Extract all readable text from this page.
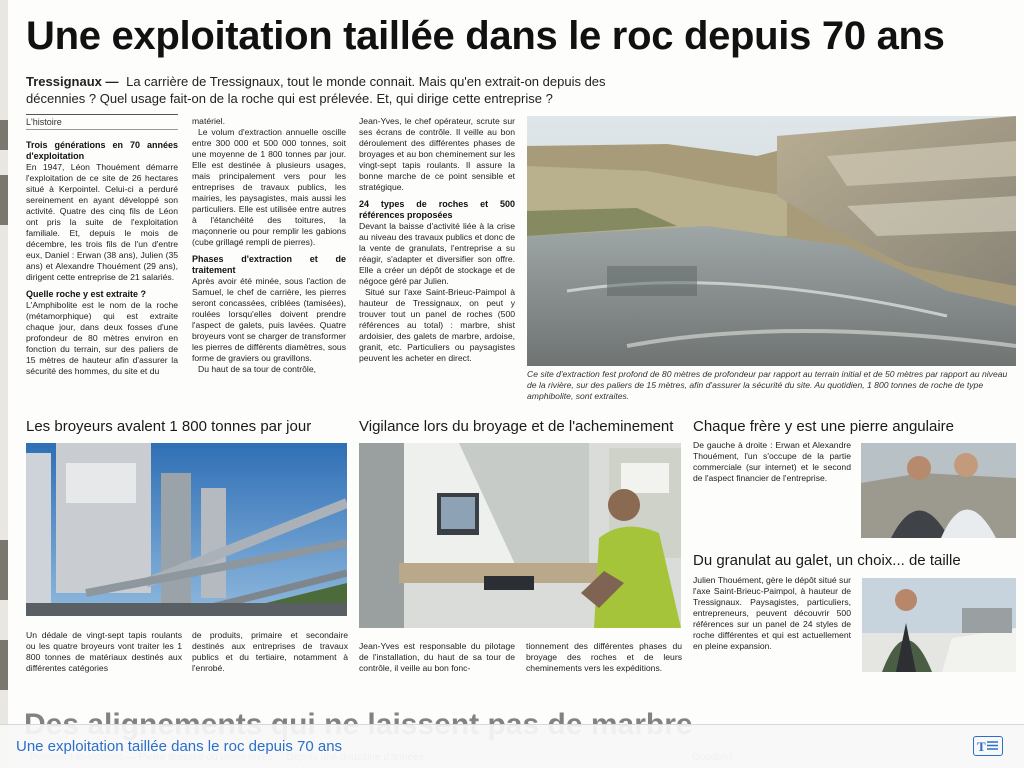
Une exploitation taillée dans le roc depuis 70 ans
Tressignaux — La carrière de Tressignaux, tout le monde connait. Mais qu'en extrait-on depuis des décennies ? Quel usage fait-on de la roche qui est prélevée. Et, qui dirige cette entreprise ?
L'histoire
Trois générations en 70 années d'exploitation

En 1947, Léon Thouément démarre l'exploitation de ce site de 26 hectares situé à Kerpointel. Celui-ci a perduré sereinement en ayant développé son activité. Quatre des cinq fils de Léon ont pris la suite de l'exploitation familiale. Et, depuis le mois de décembre, les trois fils de l'un d'entre eux, Daniel : Erwan (38 ans), Julien (35 ans) et Alexandre Thouément (29 ans), dirigent cette entreprise de 21 salariés.

Quelle roche y est extraite ?

L'Amphibolite est le nom de la roche (métamorphique) qui est extraite chaque jour, dans deux fosses d'une profondeur de 80 mètres environ en fonction du terrain, sur des paliers de 15 mètres de hauteur afin d'assurer la sécurité des hommes, du site et du

matériel.

Le volum d'extraction annuelle oscille entre 300 000 et 500 000 tonnes, soit une moyenne de 1 800 tonnes par jour. Elle est destinée à plusieurs usages, mais principalement vers pour les entreprises de travaux publics, les mairies, les paysagistes, mais aussi les particuliers. Elle est utilisée entre autres à l'étanchéité des toitures, la maçonnerie ou pour remplir les gabions (cube grillagé rempli de pierres).

Phases d'extraction et de traitement

Après avoir été minée, sous l'action de Samuel, le chef de carrière, les pierres seront concassées, criblées (tamisées), roulées lorsqu'elles doivent prendre l'aspect de galets, puis lavées. Quatre broyeurs vont se charger de transformer les pierres de différents diamètres, sous forme de graviers ou gravillons.

Du haut de sa tour de contrôle,

Jean-Yves, le chef opérateur, scrute sur ses écrans de contrôle. Il veille au bon déroulement des différentes phases de broyages et au bon cheminement sur les vingt-sept tapis roulants. Il assure la bonne marche de ce point sensible et stratégique.

24 types de roches et 500 références proposées

Devant la baisse d'activité liée à la crise au niveau des travaux publics et donc de la vente de granulats, l'entreprise a su réagir, s'adapter et diversifier son offre. Elle a créer un dépôt de stockage et de négoce géré par Julien.

Situé sur l'axe Saint-Brieuc-Paimpol à hauteur de Tressignaux, on peut y trouver tout un panel de roches (500 références au total) : marbre, shist ardoisier, des galets de marbre, ardoise, granit, etc. Particuliers ou paysagistes peuvent les acheter en direct.

Ce site d'extraction fest profond de 80 mètres de profondeur par rapport au terrain initial et de 50 mètres par rapport au niveau de la rivière, sur des paliers de 15 mètres, afin d'assurer la sécurité du site. Au quotidien, 1 800 tonnes de roche de type amphibolite, sont extraites.
Les broyeurs avalent 1 800 tonnes par jour

Un dédale de vingt-sept tapis roulants ou les quatre broyeurs vont traiter les 1 800 tonnes de matériaux destinés aux différentes catégories

de produits, primaire et secondaire destinés aux entreprises de travaux publics et du tertiaire, notamment à l'enrobé.

Vigilance lors du broyage et de l'acheminement

Jean-Yves est responsable du pilotage de l'installation, du haut de sa tour de contrôle, il veille au bon fonc-

tionnement des différentes phases du broyage des roches et de leurs cheminements vers les expéditions.

Chaque frère y est une pierre angulaire

De gauche à droite : Erwan et Alexandre Thouément, l'un s'occupe de la partie commerciale (sur internet) et le second de l'aspect financier de l'entreprise.

Du granulat au galet, un choix... de taille

Julien Thouément, gère le dépôt situé sur l'axe Saint-Brieuc-Paimpol, à hauteur de Tressignaux. Paysagistes, particuliers, entrepreneurs, peuvent découvrir 500 références sur un panel de 24 styles de roche différentes et qui est actuellement en pleine expansion.

Une exploitation taillée dans le roc depuis 70 ans	T
